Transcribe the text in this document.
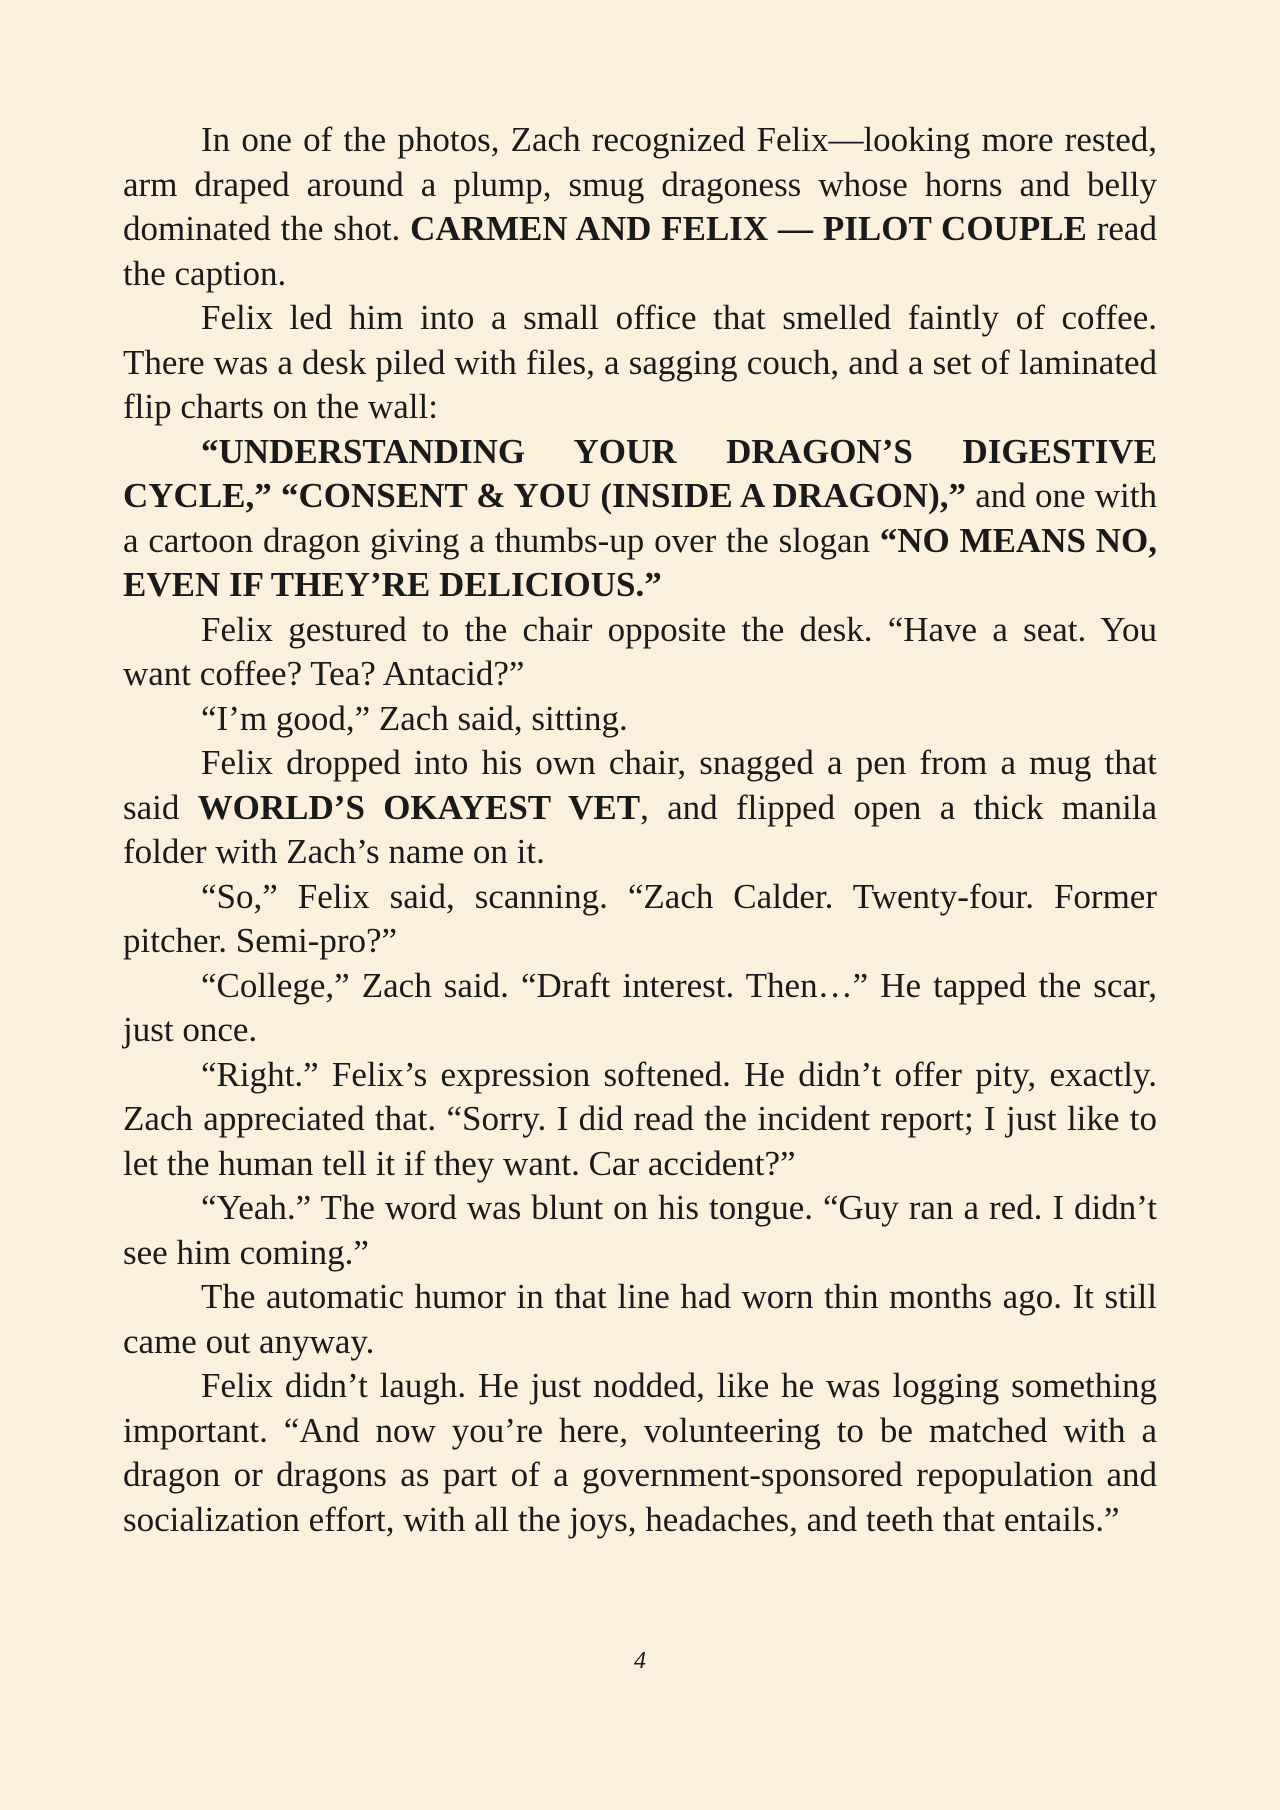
In one of the photos, Zach recognized Felix—looking more rested, arm draped around a plump, smug dragoness whose horns and belly dominated the shot. CARMEN AND FELIX — PILOT COUPLE read the caption.

Felix led him into a small office that smelled faintly of coffee. There was a desk piled with files, a sagging couch, and a set of laminated flip charts on the wall:

“UNDERSTANDING YOUR DRAGON’S DIGESTIVE CYCLE,” “CONSENT & YOU (INSIDE A DRAGON),” and one with a cartoon dragon giving a thumbs-up over the slogan “NO MEANS NO, EVEN IF THEY’RE DELICIOUS.”

Felix gestured to the chair opposite the desk. “Have a seat. You want coffee? Tea? Antacid?”

“I’m good,” Zach said, sitting.

Felix dropped into his own chair, snagged a pen from a mug that said WORLD’S OKAYEST VET, and flipped open a thick manila folder with Zach’s name on it.

“So,” Felix said, scanning. “Zach Calder. Twenty-four. Former pitcher. Semi-pro?”

“College,” Zach said. “Draft interest. Then…” He tapped the scar, just once.

“Right.” Felix’s expression softened. He didn’t offer pity, exactly. Zach appreciated that. “Sorry. I did read the incident report; I just like to let the human tell it if they want. Car accident?”

“Yeah.” The word was blunt on his tongue. “Guy ran a red. I didn’t see him coming.”

The automatic humor in that line had worn thin months ago. It still came out anyway.

Felix didn’t laugh. He just nodded, like he was logging something important. “And now you’re here, volunteering to be matched with a dragon or dragons as part of a government-sponsored repopulation and socialization effort, with all the joys, headaches, and teeth that entails.”

4
